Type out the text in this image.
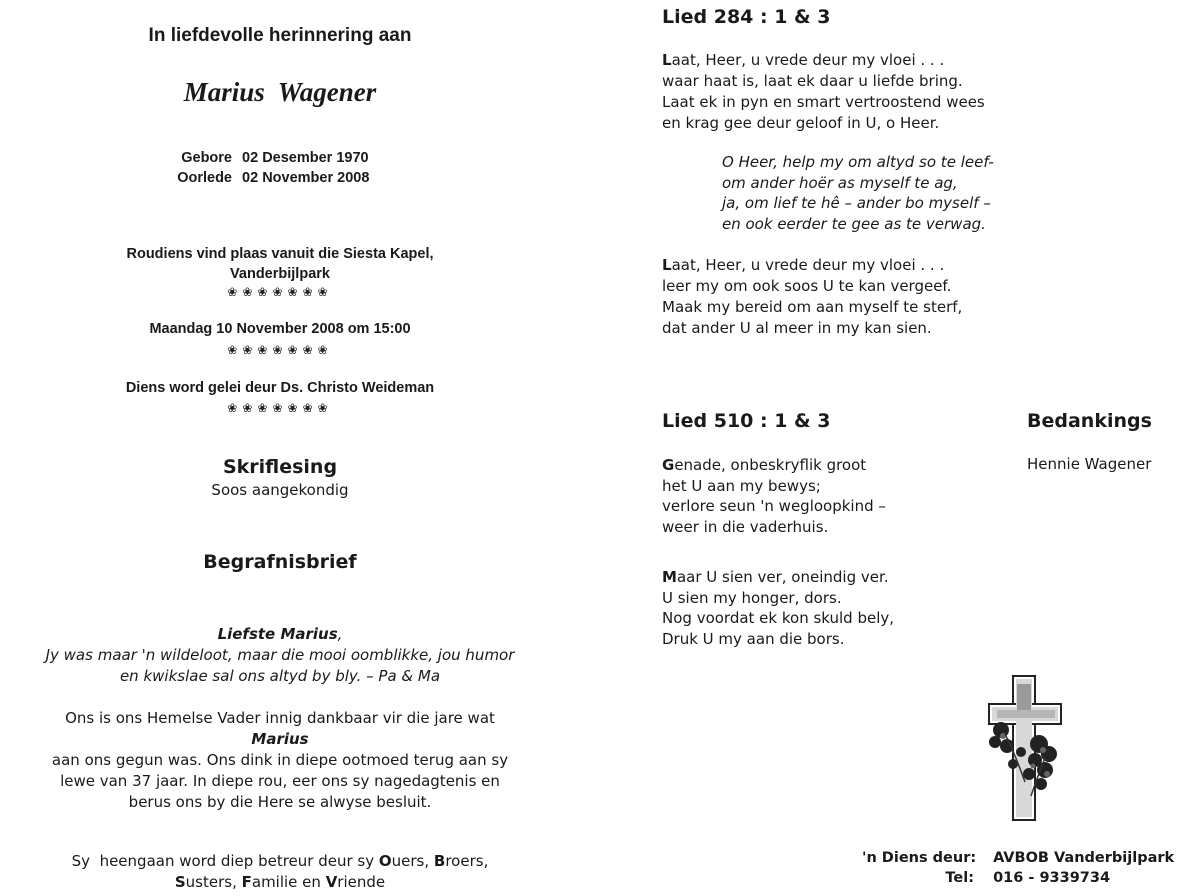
In liefdevolle herinnering aan
Marius  Wagener
Gebore 02 Desember 1970
Oorlede 02 November 2008
Roudiens vind plaas vanuit die Siesta Kapel,
Vanderbijlpark
❀❀❀❀❀❀❀
Maandag 10 November 2008 om 15:00
❀❀❀❀❀❀❀
Diens word gelei deur Ds. Christo Weideman
❀❀❀❀❀❀❀
Skriflesing
Soos aangekondig
Begrafnisbrief
Liefste Marius,
Jy was maar 'n wildeloot, maar die mooi oomblikke, jou humor
en kwikslae sal ons altyd by bly. – Pa & Ma
Ons is ons Hemelse Vader innig dankbaar vir die jare wat
Marius
aan ons gegun was. Ons dink in diepe ootmoed terug aan sy
lewe van 37 jaar. In diepe rou, eer ons sy nagedagtenis en
berus ons by die Here se alwyse besluit.
Sy  heengaan word diep betreur deur sy Ouers, Broers,
Susters, Familie en Vriende
Lied 284 : 1 & 3
Laat, Heer, u vrede deur my vloei . . .
waar haat is, laat ek daar u liefde bring.
Laat ek in pyn en smart vertroostend wees
en krag gee deur geloof in U, o Heer.
O Heer, help my om altyd so te leef-
om ander hoër as myself te ag,
ja, om lief te hê – ander bo myself –
en ook eerder te gee as te verwag.
Laat, Heer, u vrede deur my vloei . . .
leer my om ook soos U te kan vergeef.
Maak my bereid om aan myself te sterf,
dat ander U al meer in my kan sien.
Lied 510 : 1 & 3
Genade, onbeskryflik groot
het U aan my bewys;
verlore seun 'n wegloopkind –
weer in die vaderhuis.
Maar U sien ver, oneindig ver.
U sien my honger, dors.
Nog voordat ek kon skuld bely,
Druk U my aan die bors.
Bedankings
Hennie Wagener
'n Diens deur: AVBOB Vanderbijlpark
Tel: 016 - 9339734
